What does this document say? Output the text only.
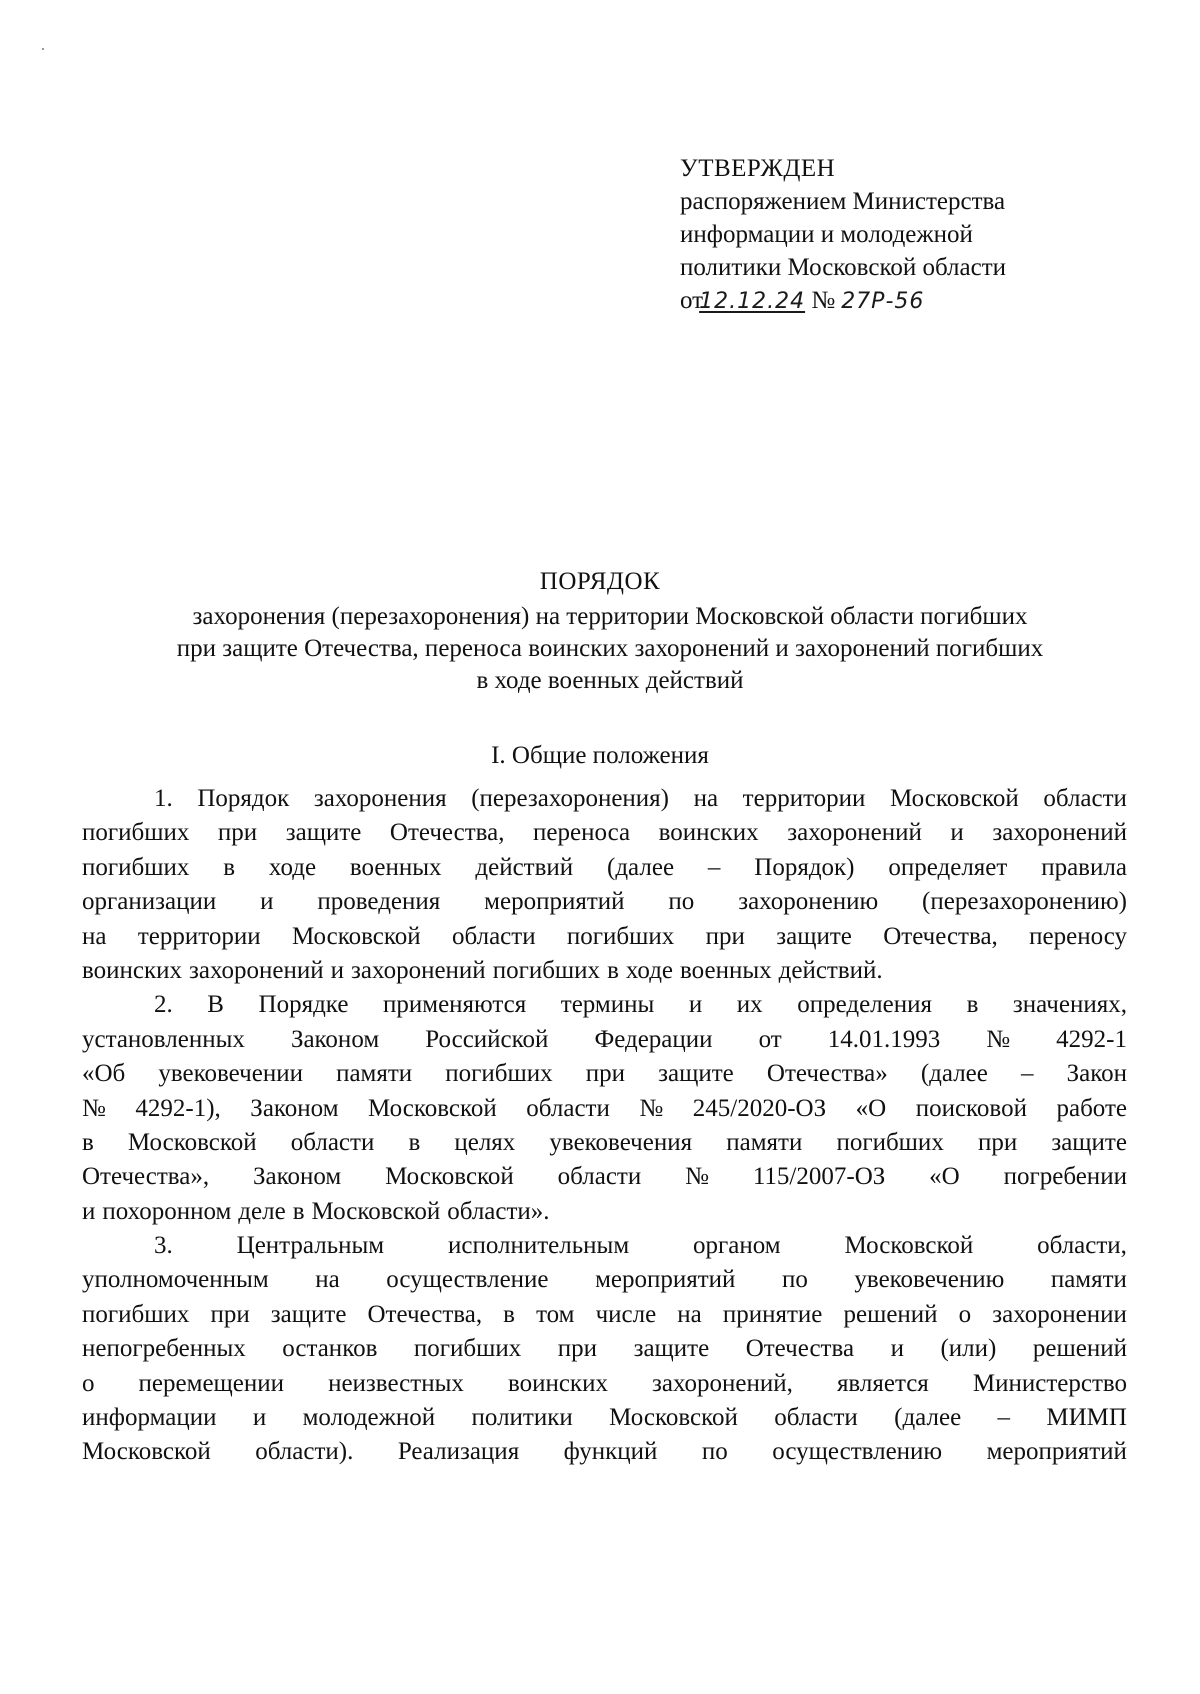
УТВЕРЖДЕН
распоряжением Министерства
информации и молодежной
политики Московской области
от12.12.24 № 27Р-56
ПОРЯДОК
захоронения (перезахоронения) на территории Московской области погибших
при защите Отечества, переноса воинских захоронений и захоронений погибших
в ходе военных действий
I. Общие положения
1. Порядок захоронения (перезахоронения) на территории Московской области
погибших при защите Отечества, переноса воинских захоронений и захоронений
погибших в ходе военных действий (далее – Порядок) определяет правила
организации и проведения мероприятий по захоронению (перезахоронению)
на территории Московской области погибших при защите Отечества, переносу
воинских захоронений и захоронений погибших в ходе военных действий.
2. В Порядке применяются термины и их определения в значениях,
установленных Законом Российской Федерации от 14.01.1993 № 4292-1
«Об увековечении памяти погибших при защите Отечества» (далее – Закон
№ 4292-1), Законом Московской области № 245/2020-ОЗ «О поисковой работе
в Московской области в целях увековечения памяти погибших при защите
Отечества», Законом Московской области № 115/2007-ОЗ «О погребении
и похоронном деле в Московской области».
3.	Центральным	исполнительным	органом	Московской	области,
уполномоченным на осуществление мероприятий по увековечению памяти
погибших при защите Отечества, в том числе на принятие решений о захоронении
непогребенных останков погибших при защите Отечества и (или) решений
о перемещении неизвестных воинских захоронений, является Министерство
информации и молодежной политики Московской области (далее – МИМП
Московской области). Реализация функций по осуществлению мероприятий
